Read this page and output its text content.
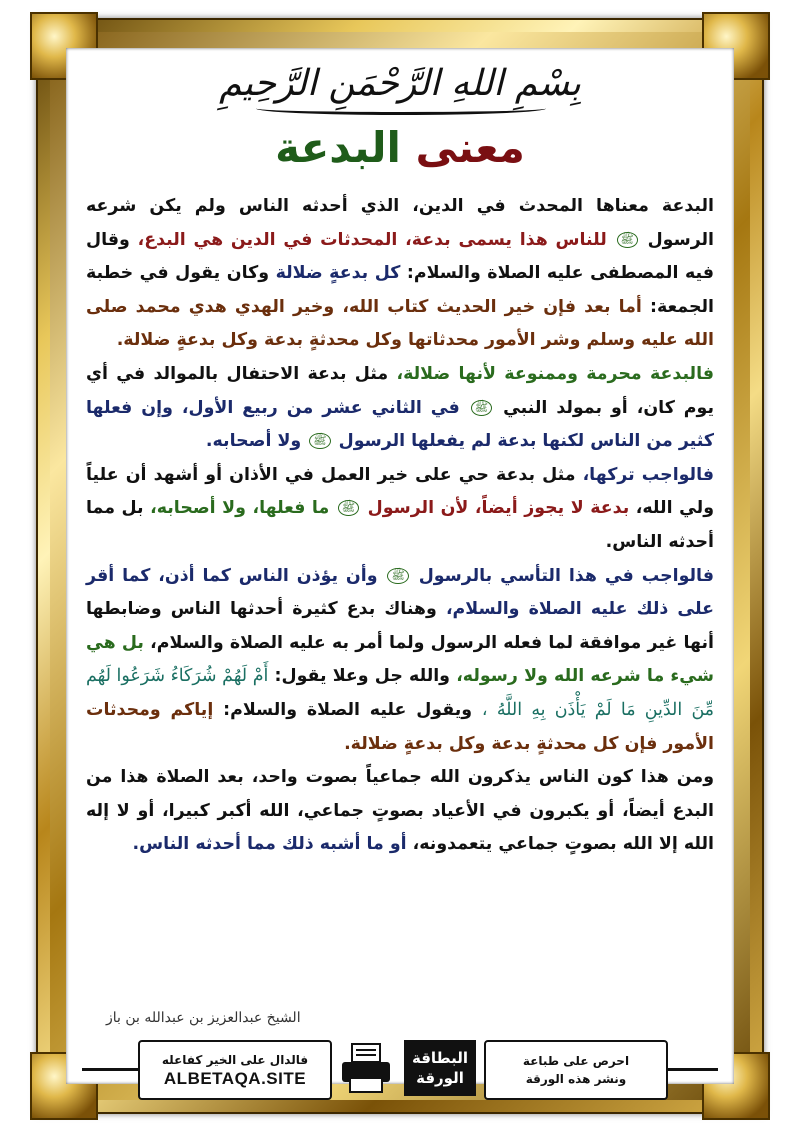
بِسْمِ اللهِ الرَّحْمَنِ الرَّحِيمِ
معنى البدعة

البدعة معناها المحدث في الدين، الذي أحدثه الناس ولم يكن شرعه الرسول ﷺ للناس هذا يسمى بدعة، المحدثات في الدين هي البدع، وقال فيه المصطفى عليه الصلاة والسلام: كل بدعةٍ ضلالة وكان يقول في خطبة الجمعة: أما بعد فإن خير الحديث كتاب الله، وخير الهدي هدي محمد صلى الله عليه وسلم وشر الأمور محدثاتها وكل محدثةٍ بدعة وكل بدعةٍ ضلالة.

فالبدعة محرمة وممنوعة لأنها ضلالة، مثل بدعة الاحتفال بالموالد في أي يوم كان، أو بمولد النبي ﷺ في الثاني عشر من ربيع الأول، وإن فعلها كثير من الناس لكنها بدعة لم يفعلها الرسول ﷺ ولا أصحابه.

فالواجب تركها، مثل بدعة حي على خير العمل في الأذان أو أشهد أن علياً ولي الله، بدعة لا يجوز أيضاً، لأن الرسول ﷺ ما فعلها، ولا أصحابه، بل مما أحدثه الناس.

فالواجب في هذا التأسي بالرسول ﷺ وأن يؤذن الناس كما أذن، كما أقر على ذلك عليه الصلاة والسلام، وهناك بدع كثيرة أحدثها الناس وضابطها أنها غير موافقة لما فعله الرسول ولما أمر به عليه الصلاة والسلام، بل هي شيء ما شرعه الله ولا رسوله، والله جل وعلا يقول: أَمْ لَهُمْ شُرَكَاءُ شَرَعُوا لَهُم مِّنَ الدِّينِ مَا لَمْ يَأْذَن بِهِ اللَّهُ ، ويقول عليه الصلاة والسلام: إياكم ومحدثات الأمور فإن كل محدثةٍ بدعة وكل بدعةٍ ضلالة.

ومن هذا كون الناس يذكرون الله جماعياً بصوت واحد، بعد الصلاة هذا من البدع أيضاً، أو يكبرون في الأعياد بصوتٍ جماعي، الله أكبر كبيرا، أو لا إله الله إلا الله بصوتٍ جماعي يتعمدونه، أو ما أشبه ذلك مما أحدثه الناس.

الشيخ عبدالعزيز بن عبدالله بن باز
فالدال على الخير كفاعله
ALBETAQA.SITE
البطاقة الورقة
احرص على طباعة
ونشر هذه الورقة
